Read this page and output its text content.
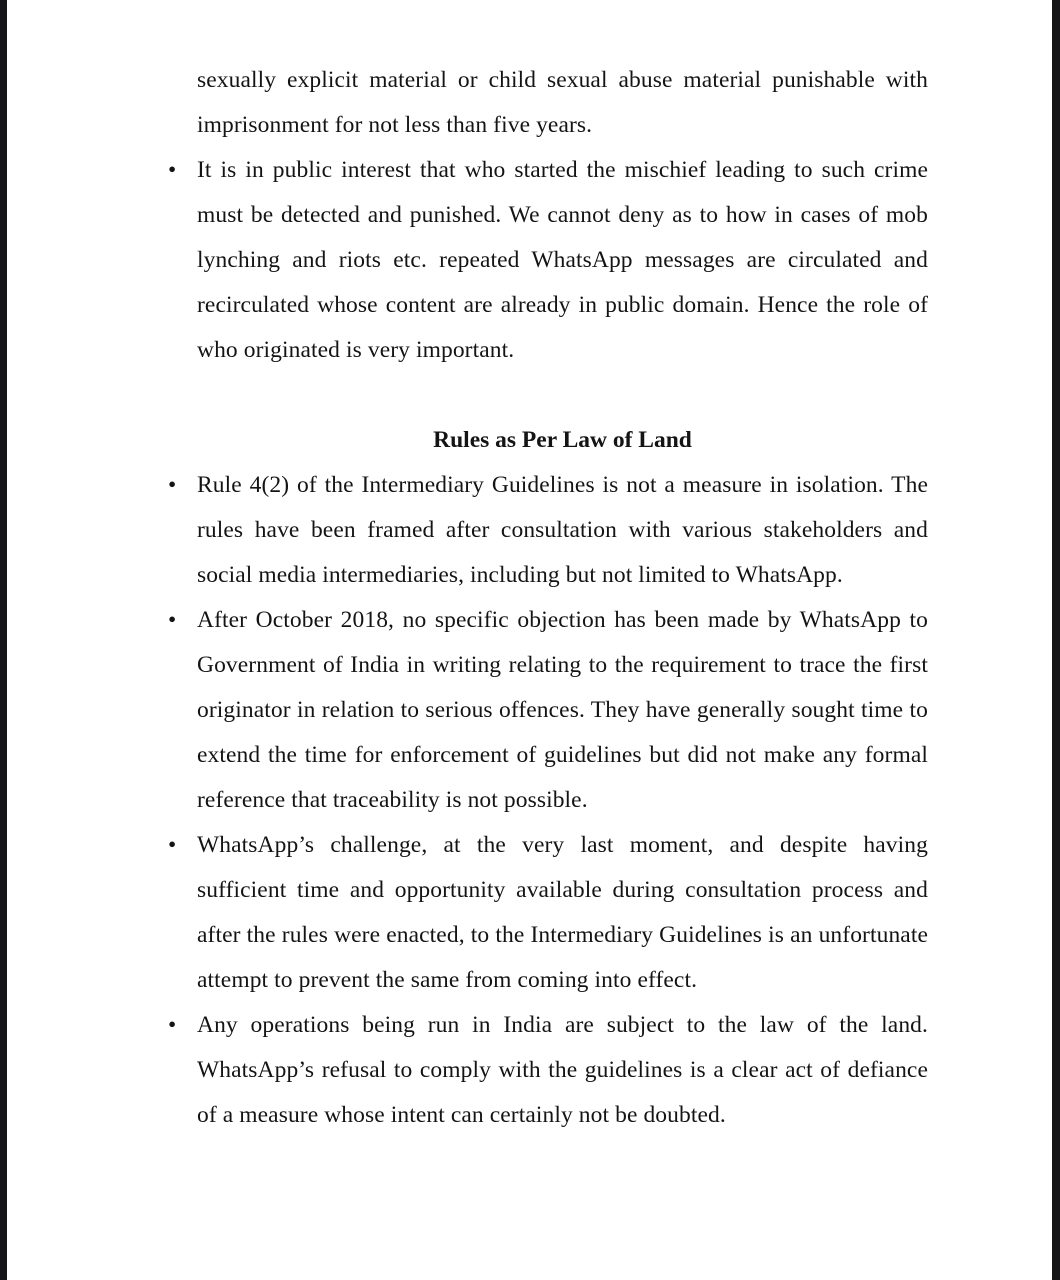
sexually explicit material or child sexual abuse material punishable with imprisonment for not less than five years.

• It is in public interest that who started the mischief leading to such crime must be detected and punished. We cannot deny as to how in cases of mob lynching and riots etc. repeated WhatsApp messages are circulated and recirculated whose content are already in public domain. Hence the role of who originated is very important.
Rules as Per Law of Land
• Rule 4(2) of the Intermediary Guidelines is not a measure in isolation. The rules have been framed after consultation with various stakeholders and social media intermediaries, including but not limited to WhatsApp.
• After October 2018, no specific objection has been made by WhatsApp to Government of India in writing relating to the requirement to trace the first originator in relation to serious offences. They have generally sought time to extend the time for enforcement of guidelines but did not make any formal reference that traceability is not possible.
• WhatsApp’s challenge, at the very last moment, and despite having sufficient time and opportunity available during consultation process and after the rules were enacted, to the Intermediary Guidelines is an unfortunate attempt to prevent the same from coming into effect.
• Any operations being run in India are subject to the law of the land. WhatsApp’s refusal to comply with the guidelines is a clear act of defiance of a measure whose intent can certainly not be doubted.
